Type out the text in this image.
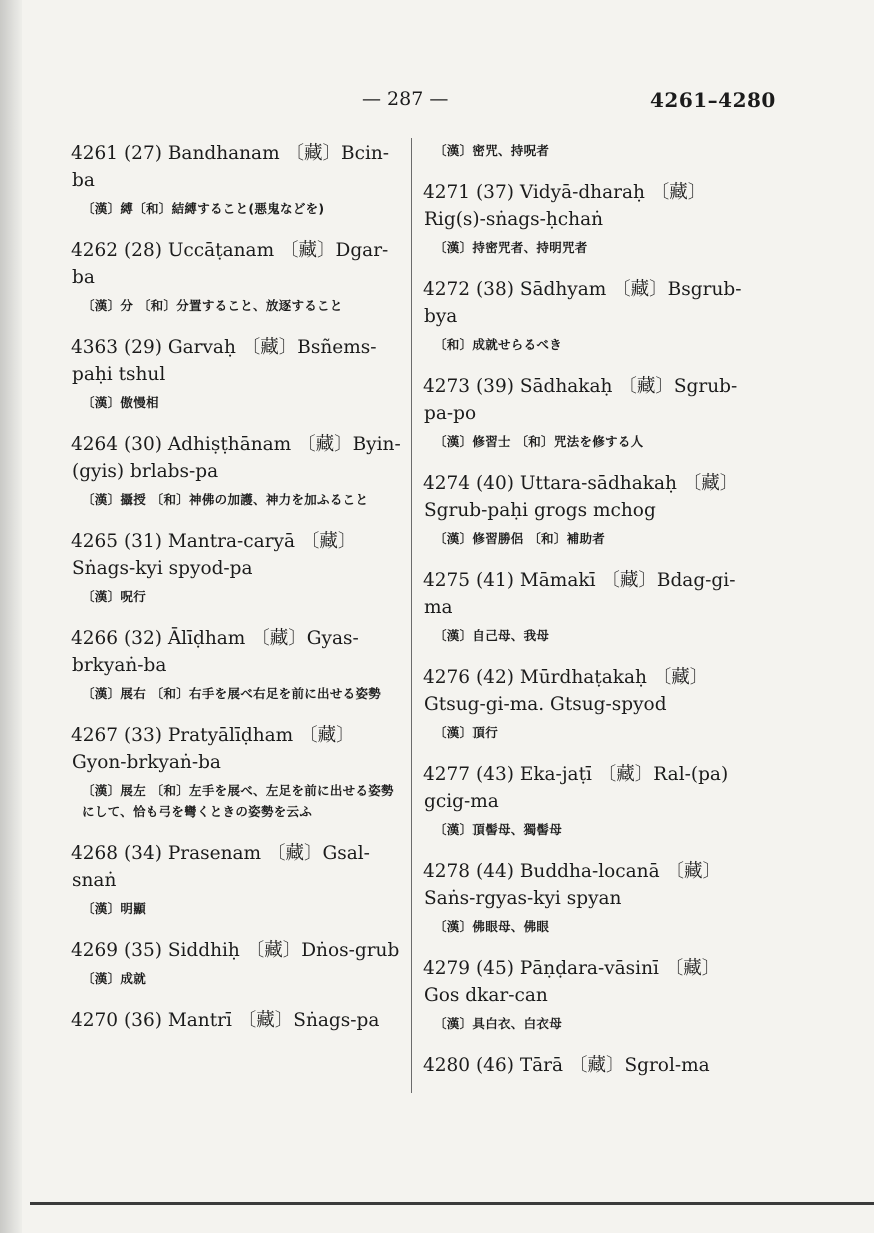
— 287 —	4261–4280
4261 (27) Bandhanam 〔藏〕Bcin-ba
〔漢〕縛〔和〕結縛すること(悪鬼などを)
4262 (28) Uccāṭanam 〔藏〕Dgar-ba
〔漢〕分 〔和〕分置すること、放逐すること
4363 (29) Garvaḥ 〔藏〕Bsñems-paḥi tshul
〔漢〕傲慢相
4264 (30) Adhiṣṭhānam 〔藏〕Byin-(gyis) brlabs-pa
〔漢〕攝授 〔和〕神佛の加護、神力を加ふること
4265 (31) Mantra-caryā 〔藏〕Sṅags-kyi spyod-pa
〔漢〕呪行
4266 (32) Ālīḍham 〔藏〕Gyas-brkyaṅ-ba
〔漢〕展右 〔和〕右手を展べ右足を前に出せる姿勢
4267 (33) Pratyālīḍham 〔藏〕Gyon-brkyaṅ-ba
〔漢〕展左 〔和〕左手を展べ、左足を前に出せる姿勢にして、恰も弓を彎くときの姿勢を云ふ
4268 (34) Prasenam 〔藏〕Gsal-snaṅ
〔漢〕明顯
4269 (35) Siddhiḥ 〔藏〕Dṅos-grub
〔漢〕成就
4270 (36) Mantrī 〔藏〕Sṅags-pa
〔漢〕密咒、持呪者
4271 (37) Vidyā-dharaḥ 〔藏〕Rig(s)-sṅags-ḥchaṅ
〔漢〕持密咒者、持明咒者
4272 (38) Sādhyam 〔藏〕Bsgrub-bya
〔和〕成就せらるべき
4273 (39) Sādhakaḥ 〔藏〕Sgrub-pa-po
〔漢〕修習士 〔和〕咒法を修する人
4274 (40) Uttara-sādhakaḥ 〔藏〕Sgrub-paḥi grogs mchog
〔漢〕修習勝侶 〔和〕補助者
4275 (41) Māmakī 〔藏〕Bdag-gi-ma
〔漢〕自己母、我母
4276 (42) Mūrdhaṭakaḥ 〔藏〕Gtsug-gi-ma. Gtsug-spyod
〔漢〕頂行
4277 (43) Eka-jaṭī 〔藏〕Ral-(pa) gcig-ma
〔漢〕頂髻母、獨髻母
4278 (44) Buddha-locanā 〔藏〕Saṅs-rgyas-kyi spyan
〔漢〕佛眼母、佛眼
4279 (45) Pāṇḍara-vāsinī 〔藏〕Gos dkar-can
〔漢〕具白衣、白衣母
4280 (46) Tārā 〔藏〕Sgrol-ma
